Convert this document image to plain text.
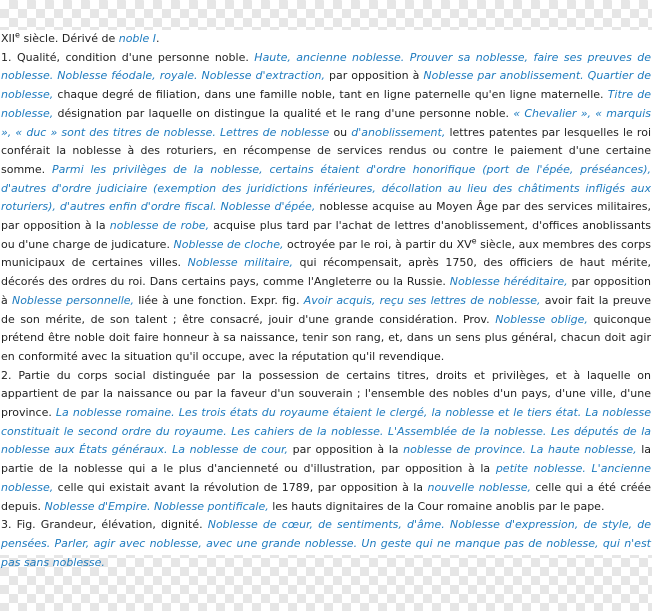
XIIe siècle. Dérivé de noble I.

1. Qualité, condition d'une personne noble. Haute, ancienne noblesse. Prouver sa noblesse, faire ses preuves de noblesse. Noblesse féodale, royale. Noblesse d'extraction, par opposition à Noblesse par anoblissement. Quartier de noblesse, chaque degré de filiation, dans une famille noble, tant en ligne paternelle qu'en ligne maternelle. Titre de noblesse, désignation par laquelle on distingue la qualité et le rang d'une personne noble. « Chevalier », « marquis », « duc » sont des titres de noblesse. Lettres de noblesse ou d'anoblissement, lettres patentes par lesquelles le roi conférait la noblesse à des roturiers, en récompense de services rendus ou contre le paiement d'une certaine somme. Parmi les privilèges de la noblesse, certains étaient d'ordre honorifique (port de l'épée, préséances), d'autres d'ordre judiciaire (exemption des juridictions inférieures, décollation au lieu des châtiments infligés aux roturiers), d'autres enfin d'ordre fiscal. Noblesse d'épée, noblesse acquise au Moyen Âge par des services militaires, par opposition à la noblesse de robe, acquise plus tard par l'achat de lettres d'anoblissement, d'offices anoblissants ou d'une charge de judicature. Noblesse de cloche, octroyée par le roi, à partir du XVe siècle, aux membres des corps municipaux de certaines villes. Noblesse militaire, qui récompensait, après 1750, des officiers de haut mérite, décorés des ordres du roi. Dans certains pays, comme l'Angleterre ou la Russie. Noblesse héréditaire, par opposition à Noblesse personnelle, liée à une fonction. Expr. fig. Avoir acquis, reçu ses lettres de noblesse, avoir fait la preuve de son mérite, de son talent ; être consacré, jouir d'une grande considération. Prov. Noblesse oblige, quiconque prétend être noble doit faire honneur à sa naissance, tenir son rang, et, dans un sens plus général, chacun doit agir en conformité avec la situation qu'il occupe, avec la réputation qu'il revendique.

2. Partie du corps social distinguée par la possession de certains titres, droits et privilèges, et à laquelle on appartient de par la naissance ou par la faveur d'un souverain ; l'ensemble des nobles d'un pays, d'une ville, d'une province. La noblesse romaine. Les trois états du royaume étaient le clergé, la noblesse et le tiers état. La noblesse constituait le second ordre du royaume. Les cahiers de la noblesse. L'Assemblée de la noblesse. Les députés de la noblesse aux États généraux. La noblesse de cour, par opposition à la noblesse de province. La haute noblesse, la partie de la noblesse qui a le plus d'ancienneté ou d'illustration, par opposition à la petite noblesse. L'ancienne noblesse, celle qui existait avant la révolution de 1789, par opposition à la nouvelle noblesse, celle qui a été créée depuis. Noblesse d'Empire. Noblesse pontificale, les hauts dignitaires de la Cour romaine anoblis par le pape.

3. Fig. Grandeur, élévation, dignité. Noblesse de cœur, de sentiments, d'âme. Noblesse d'expression, de style, de pensées. Parler, agir avec noblesse, avec une grande noblesse. Un geste qui ne manque pas de noblesse, qui n'est pas sans noblesse.
